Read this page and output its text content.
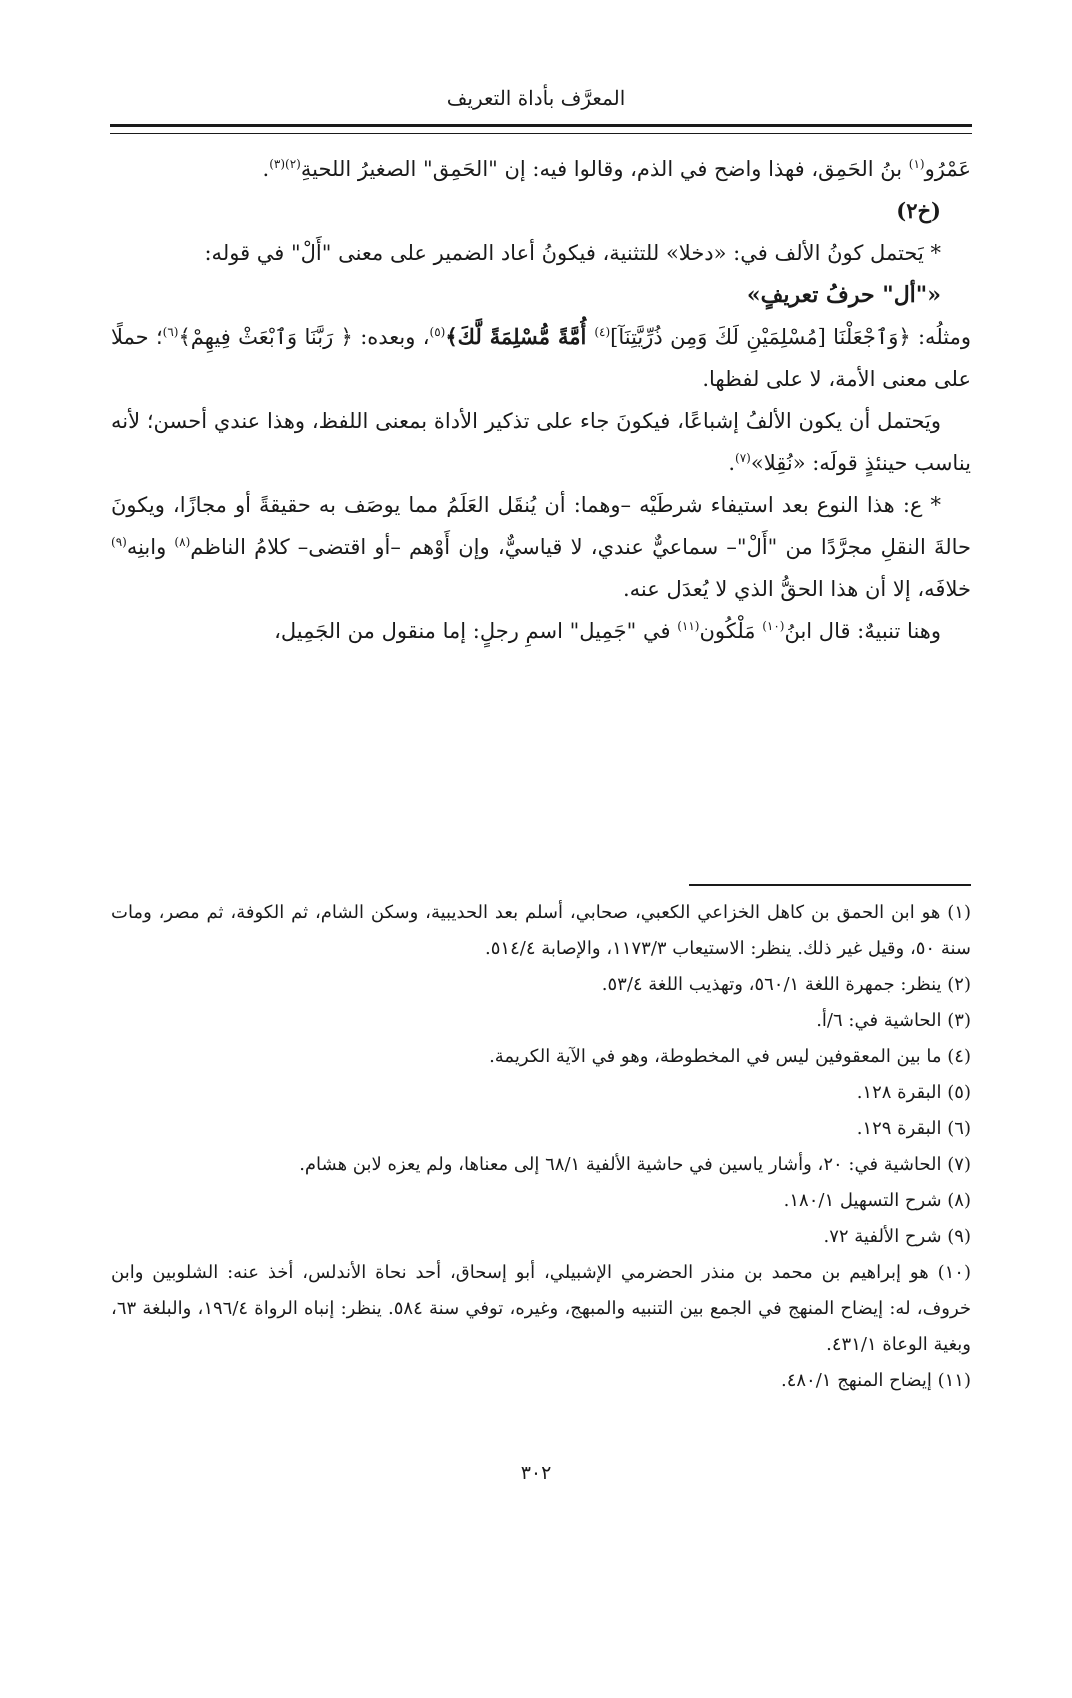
المعرَّف بأداة التعريف

عَمْرُو$^{(١)}$ بنُ الحَمِق، فهذا واضح في الذم، وقالوا فيه: إن "الحَمِق" الصغيرُ اللحيةِ$^{(٢)(٣)}$.

(خ٢)

* يَحتمل كونُ الألف في: «دخلا» للتثنية، فيكونُ أعاد الضمير على معنى "أَلْ" في قوله:

«"أل" حرفُ تعريفٍ»

ومثلُه: ﴿وَٱجْعَلْنَا [مُسْلِمَيْنِ لَكَ وَمِن ذُرِّيَّتِنَآ]$^{(٤)}$ أُمَّةً مُّسْلِمَةً لَّكَ﴾$^{(٥)}$، وبعده: ﴿ رَبَّنَا وَٱبْعَثْ فِيهِمْ﴾$^{(٦)}$؛ حملًا على معنى الأمة، لا على لفظها.

ويَحتمل أن يكون الألفُ إشباعًا، فيكونَ جاء على تذكير الأداة بمعنى اللفظ، وهذا عندي أحسن؛ لأنه يناسب حينئذٍ قولَه: «نُقِلا»$^{(٧)}$.

* ع: هذا النوع بعد استيفاء شرطَيْه –وهما: أن يُنقَل العَلَمُ مما يوصَف به حقيقةً أو مجازًا، ويكونَ حالةَ النقلِ مجرَّدًا من "أَلْ"– سماعيٌّ عندي، لا قياسيٌّ، وإن أَوْهم –أو اقتضى– كلامُ الناظم$^{(٨)}$ وابنِه$^{(٩)}$ خلافَه، إلا أن هذا الحقُّ الذي لا يُعدَل عنه.

وهنا تنبيهٌ: قال ابنُ$^{(١٠)}$ مَلْكُون$^{(١١)}$ في "جَمِيل" اسمِ رجلٍ: إما منقول من الجَمِيل،

(١) هو ابن الحمق بن كاهل الخزاعي الكعبي، صحابي، أسلم بعد الحديبية، وسكن الشام، ثم الكوفة، ثم مصر، ومات سنة ٥٠، وقيل غير ذلك. ينظر: الاستيعاب ١١٧٣/٣، والإصابة ٥١٤/٤.

(٢) ينظر: جمهرة اللغة ٥٦٠/١، وتهذيب اللغة ٥٣/٤.

(٣) الحاشية في: ٦/أ.

(٤) ما بين المعقوفين ليس في المخطوطة، وهو في الآية الكريمة.

(٥) البقرة ١٢٨.

(٦) البقرة ١٢٩.

(٧) الحاشية في: ٢٠، وأشار ياسين في حاشية الألفية ٦٨/١ إلى معناها، ولم يعزه لابن هشام.

(٨) شرح التسهيل ١٨٠/١.

(٩) شرح الألفية ٧٢.

(١٠) هو إبراهيم بن محمد بن منذر الحضرمي الإشبيلي، أبو إسحاق، أحد نحاة الأندلس، أخذ عنه: الشلوبين وابن خروف، له: إيضاح المنهج في الجمع بين التنبيه والمبهج، وغيره، توفي سنة ٥٨٤. ينظر: إنباه الرواة ١٩٦/٤، والبلغة ٦٣، وبغية الوعاة ٤٣١/١.

(١١) إيضاح المنهج ٤٨٠/١.

٣٠٢
